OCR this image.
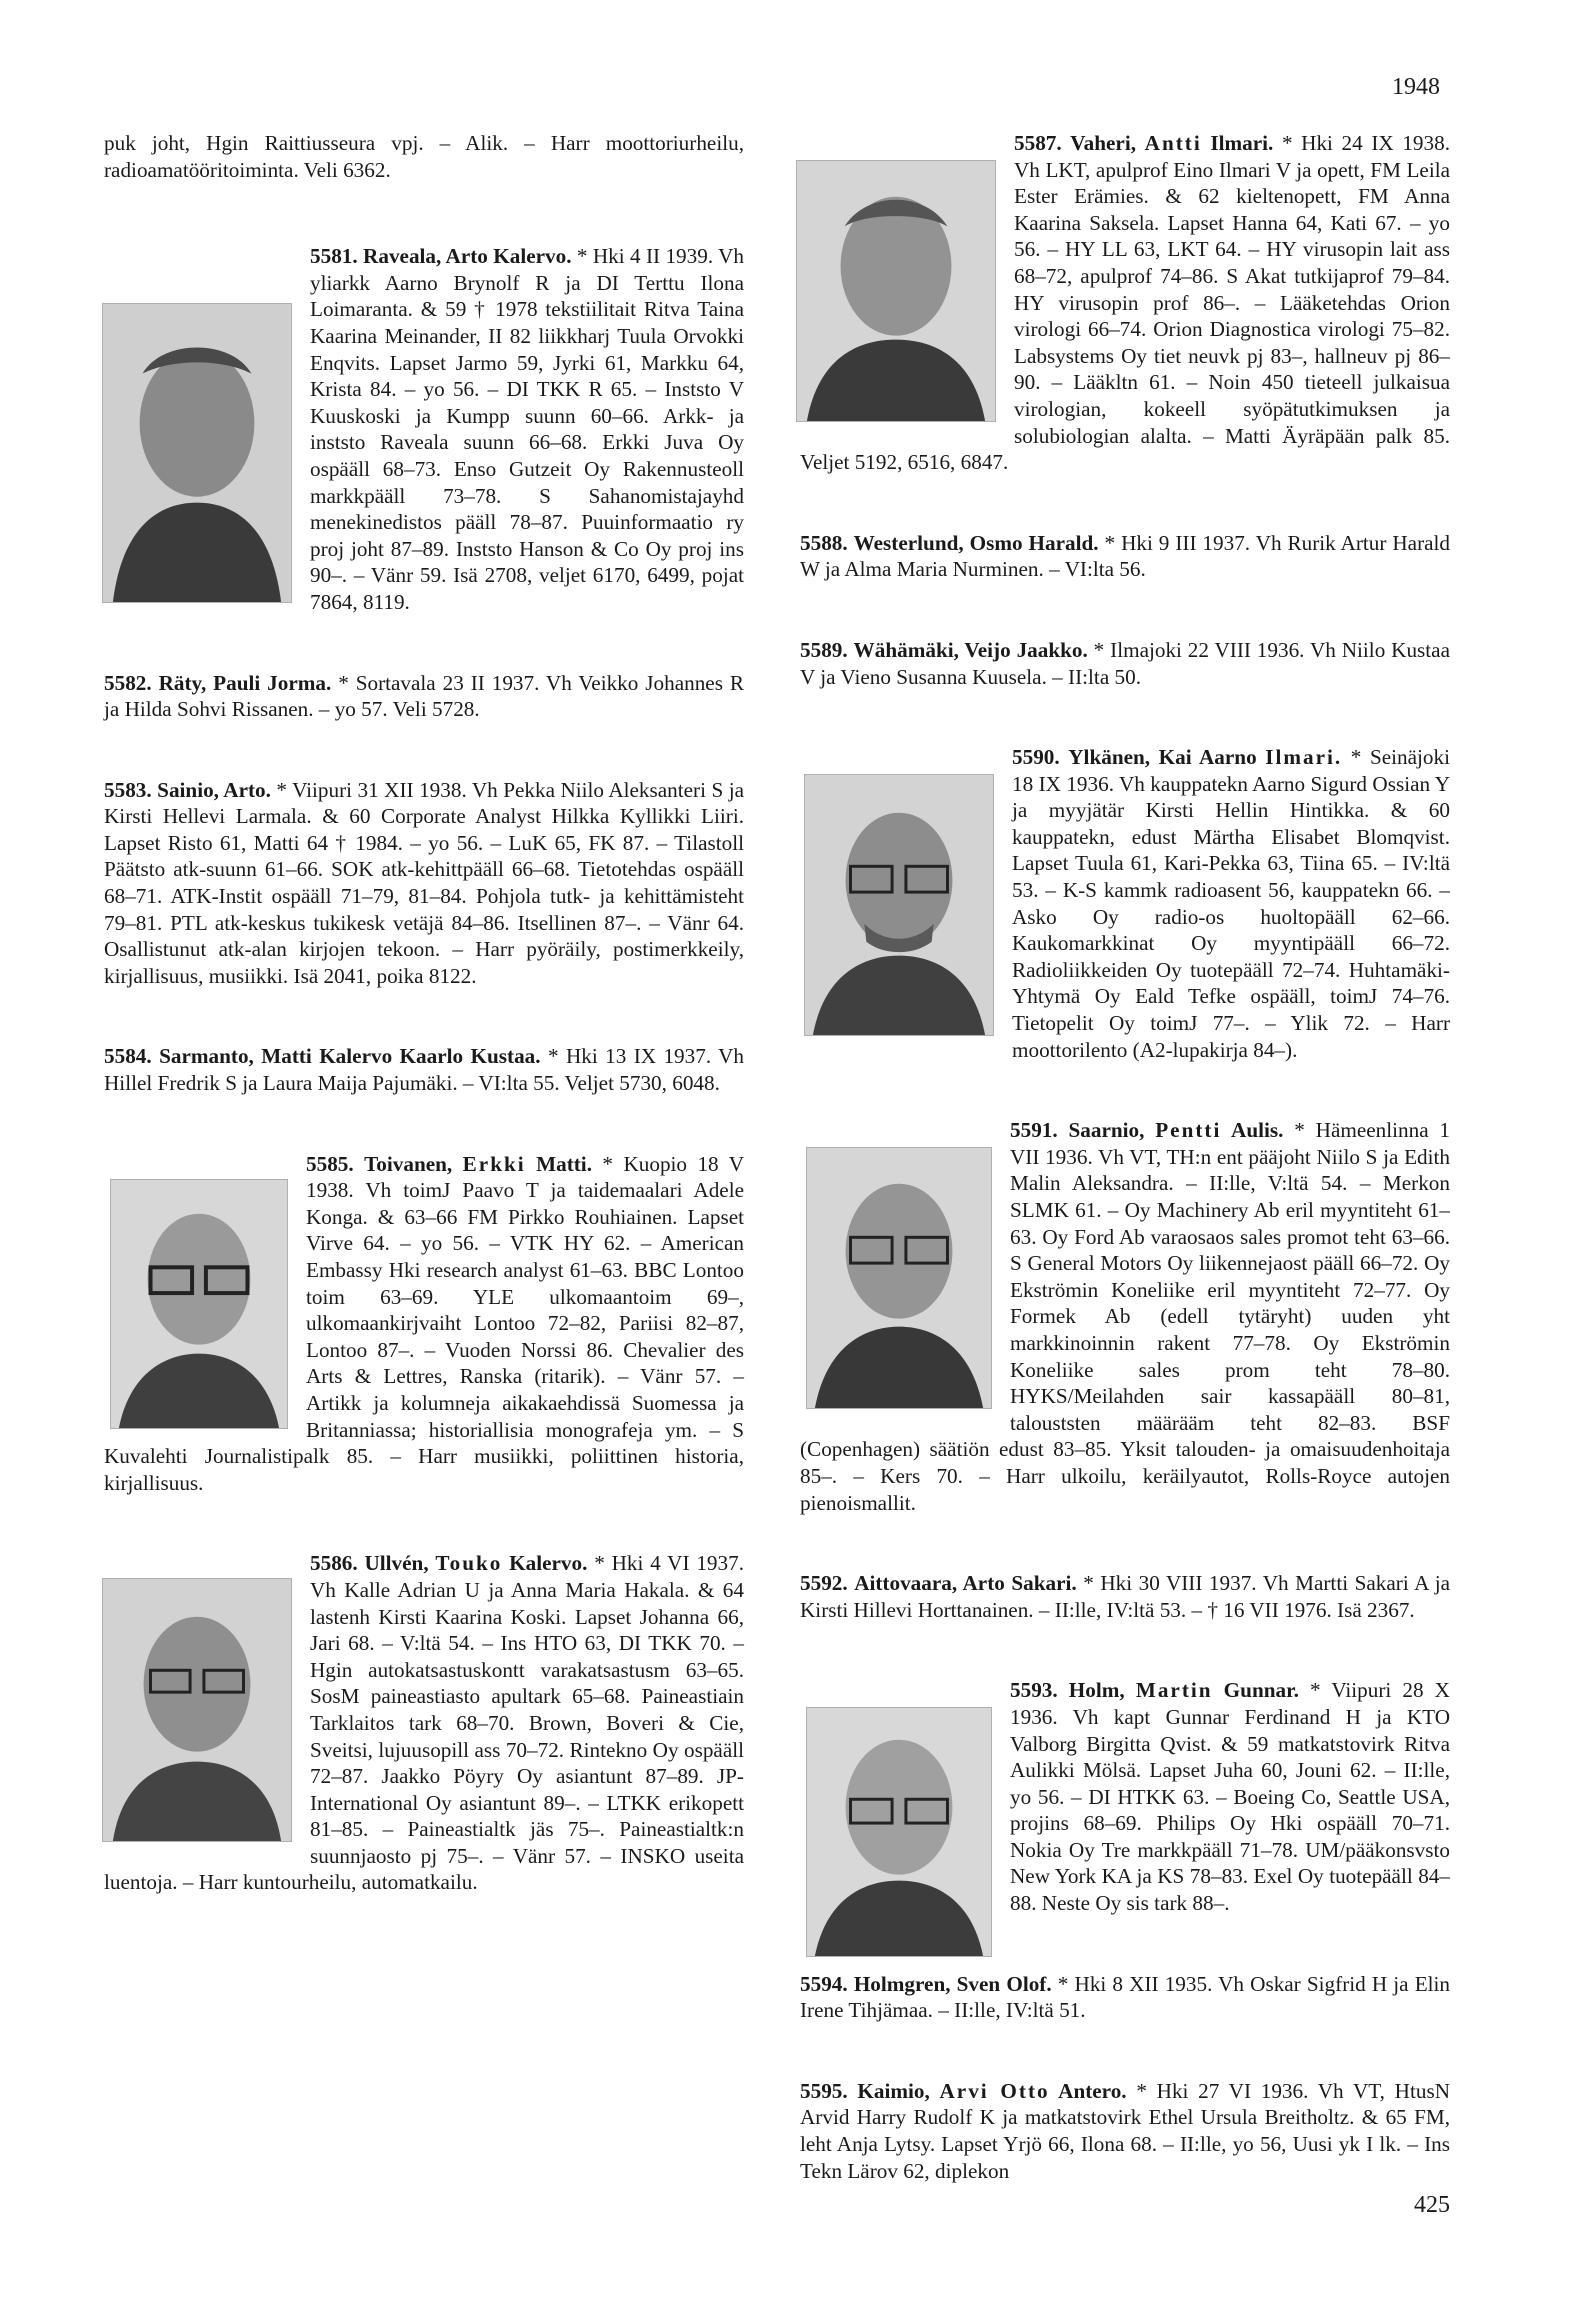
1948

puk joht, Hgin Raittiusseura vpj. – Alik. – Harr moottoriurheilu, radioamatööritoiminta. Veli 6362.

5581. Raveala, Arto Kalervo. * Hki 4 II 1939. Vh yliarkk Aarno Brynolf R ja DI Terttu Ilona Loimaranta. & 59 † 1978 tekstiilitait Ritva Taina Kaarina Meinander, II 82 liikkharj Tuula Orvokki Enqvits. Lapset Jarmo 59, Jyrki 61, Markku 64, Krista 84. – yo 56. – DI TKK R 65. – Inststo V Kuuskoski ja Kumpp suunn 60–66. Arkk- ja inststo Raveala suunn 66–68. Erkki Juva Oy ospääll 68–73. Enso Gutzeit Oy Rakennusteoll markkpääll 73–78. S Sahanomistajayhd menekinedistos pääll 78–87. Puuinformaatio ry proj joht 87–89. Inststo Hanson & Co Oy proj ins 90–. – Vänr 59. Isä 2708, veljet 6170, 6499, pojat 7864, 8119.

5582. Räty, Pauli Jorma. * Sortavala 23 II 1937. Vh Veikko Johannes R ja Hilda Sohvi Rissanen. – yo 57. Veli 5728.

5583. Sainio, Arto. * Viipuri 31 XII 1938. Vh Pekka Niilo Aleksanteri S ja Kirsti Hellevi Larmala. & 60 Corporate Analyst Hilkka Kyllikki Liiri. Lapset Risto 61, Matti 64 † 1984. – yo 56. – LuK 65, FK 87. – Tilastoll Päätsto atk-suunn 61–66. SOK atk-kehittpääll 66–68. Tietotehdas ospääll 68–71. ATK-Instit ospääll 71–79, 81–84. Pohjola tutk- ja kehittämisteht 79–81. PTL atk-keskus tukikesk vetäjä 84–86. Itsellinen 87–. – Vänr 64. Osallistunut atk-alan kirjojen tekoon. – Harr pyöräily, postimerkkeily, kirjallisuus, musiikki. Isä 2041, poika 8122.

5584. Sarmanto, Matti Kalervo Kaarlo Kustaa. * Hki 13 IX 1937. Vh Hillel Fredrik S ja Laura Maija Pajumäki. – VI:lta 55. Veljet 5730, 6048.

5585. Toivanen, Erkki Matti. * Kuopio 18 V 1938. Vh toimJ Paavo T ja taidemaalari Adele Konga. & 63–66 FM Pirkko Rouhiainen. Lapset Virve 64. – yo 56. – VTK HY 62. – American Embassy Hki research analyst 61–63. BBC Lontoo toim 63–69. YLE ulkomaantoim 69–, ulkomaankirjvaiht Lontoo 72–82, Pariisi 82–87, Lontoo 87–. – Vuoden Norssi 86. Chevalier des Arts & Lettres, Ranska (ritarik). – Vänr 57. – Artikk ja kolumneja aikakaehdissä Suomessa ja Britanniassa; historiallisia monografeja ym. – S Kuvalehti Journalistipalk 85. – Harr musiikki, poliittinen historia, kirjallisuus.

5586. Ullvén, Touko Kalervo. * Hki 4 VI 1937. Vh Kalle Adrian U ja Anna Maria Hakala. & 64 lastenh Kirsti Kaarina Koski. Lapset Johanna 66, Jari 68. – V:ltä 54. – Ins HTO 63, DI TKK 70. – Hgin autokatsastuskontt varakatsastusm 63–65. SosM paineastiasto apultark 65–68. Paineastiain Tarklaitos tark 68–70. Brown, Boveri & Cie, Sveitsi, lujuusopill ass 70–72. Rintekno Oy ospääll 72–87. Jaakko Pöyry Oy asiantunt 87–89. JP-International Oy asiantunt 89–. – LTKK erikopett 81–85. – Paineastialtk jäs 75–. Paineastialtk:n suunnjaosto pj 75–. – Vänr 57. – INSKO useita luentoja. – Harr kuntourheilu, automatkailu.

5587. Vaheri, Antti Ilmari. * Hki 24 IX 1938. Vh LKT, apulprof Eino Ilmari V ja opett, FM Leila Ester Erämies. & 62 kieltenopett, FM Anna Kaarina Saksela. Lapset Hanna 64, Kati 67. – yo 56. – HY LL 63, LKT 64. – HY virusopin lait ass 68–72, apulprof 74–86. S Akat tutkijaprof 79–84. HY virusopin prof 86–. – Lääketehdas Orion virologi 66–74. Orion Diagnostica virologi 75–82. Labsystems Oy tiet neuvk pj 83–, hallneuv pj 86–90. – Lääkltn 61. – Noin 450 tieteell julkaisua virologian, kokeell syöpätutkimuksen ja solubiologian alalta. – Matti Äyräpään palk 85. Veljet 5192, 6516, 6847.

5588. Westerlund, Osmo Harald. * Hki 9 III 1937. Vh Rurik Artur Harald W ja Alma Maria Nurminen. – VI:lta 56.

5589. Wähämäki, Veijo Jaakko. * Ilmajoki 22 VIII 1936. Vh Niilo Kustaa V ja Vieno Susanna Kuusela. – II:lta 50.

5590. Ylkänen, Kai Aarno Ilmari. * Seinäjoki 18 IX 1936. Vh kauppatekn Aarno Sigurd Ossian Y ja myyjätär Kirsti Hellin Hintikka. & 60 kauppatekn, edust Märtha Elisabet Blomqvist. Lapset Tuula 61, Kari-Pekka 63, Tiina 65. – IV:ltä 53. – K-S kammk radioasent 56, kauppatekn 66. – Asko Oy radio-os huoltopääll 62–66. Kaukomarkkinat Oy myyntipääll 66–72. Radioliikkeiden Oy tuotepääll 72–74. Huhtamäki-Yhtymä Oy Eald Tefke ospääll, toimJ 74–76. Tietopelit Oy toimJ 77–. – Ylik 72. – Harr moottorilento (A2-lupakirja 84–).

5591. Saarnio, Pentti Aulis. * Hämeenlinna 1 VII 1936. Vh VT, TH:n ent pääjoht Niilo S ja Edith Malin Aleksandra. – II:lle, V:ltä 54. – Merkon SLMK 61. – Oy Machinery Ab eril myyntiteht 61–63. Oy Ford Ab varaosaos sales promot teht 63–66. S General Motors Oy liikennejaost pääll 66–72. Oy Ekströmin Koneliike eril myyntiteht 72–77. Oy Formek Ab (edell tytäryht) uuden yht markkinoinnin rakent 77–78. Oy Ekströmin Koneliike sales prom teht 78–80. HYKS/Meilahden sair kassapääll 80–81, talouststen määrääm teht 82–83. BSF (Copenhagen) säätiön edust 83–85. Yksit talouden- ja omaisuudenhoitaja 85–. – Kers 70. – Harr ulkoilu, keräilyautot, Rolls-Royce autojen pienoismallit.

5592. Aittovaara, Arto Sakari. * Hki 30 VIII 1937. Vh Martti Sakari A ja Kirsti Hillevi Horttanainen. – II:lle, IV:ltä 53. – † 16 VII 1976. Isä 2367.

5593. Holm, Martin Gunnar. * Viipuri 28 X 1936. Vh kapt Gunnar Ferdinand H ja KTO Valborg Birgitta Qvist. & 59 matkatstovirk Ritva Aulikki Mölsä. Lapset Juha 60, Jouni 62. – II:lle, yo 56. – DI HTKK 63. – Boeing Co, Seattle USA, projins 68–69. Philips Oy Hki ospääll 70–71. Nokia Oy Tre markkpääll 71–78. UM/pääkonsvsto New York KA ja KS 78–83. Exel Oy tuotepääll 84–88. Neste Oy sis tark 88–.

5594. Holmgren, Sven Olof. * Hki 8 XII 1935. Vh Oskar Sigfrid H ja Elin Irene Tihjämaa. – II:lle, IV:ltä 51.

5595. Kaimio, Arvi Otto Antero. * Hki 27 VI 1936. Vh VT, HtusN Arvid Harry Rudolf K ja matkatstovirk Ethel Ursula Breitholtz. & 65 FM, leht Anja Lytsy. Lapset Yrjö 66, Ilona 68. – II:lle, yo 56, Uusi yk I lk. – Ins Tekn Lärov 62, diplekon

425
